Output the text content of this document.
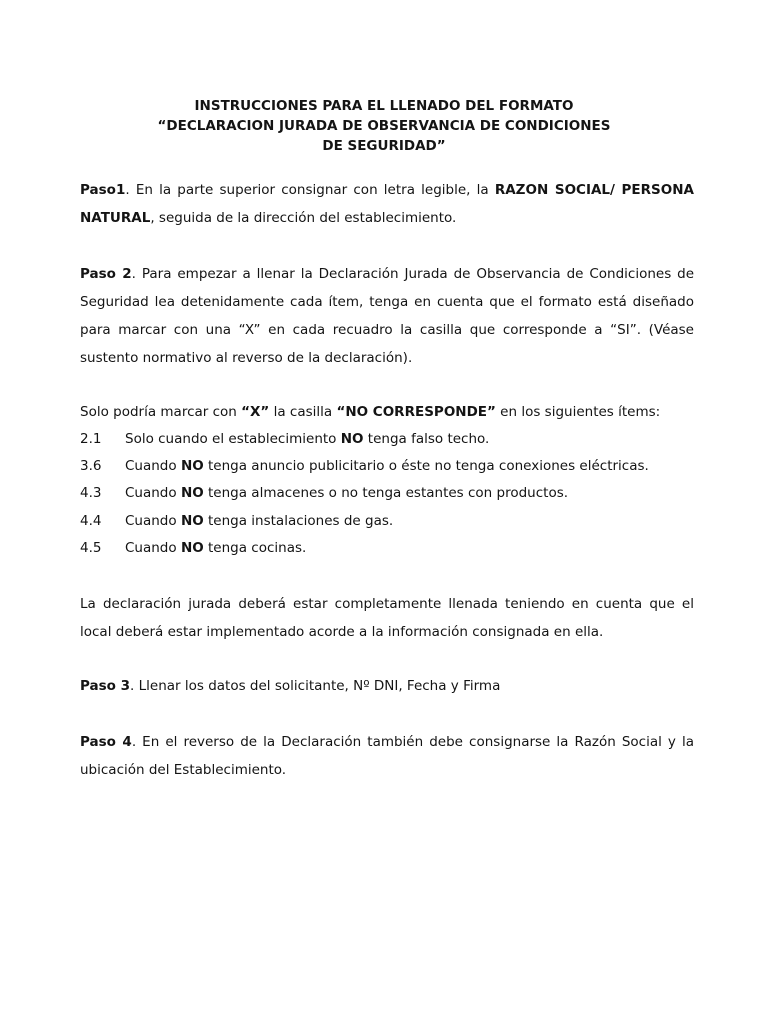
INSTRUCCIONES PARA EL LLENADO DEL FORMATO
“DECLARACION JURADA DE OBSERVANCIA DE CONDICIONES
DE SEGURIDAD”
Paso1. En la parte superior consignar con letra legible, la RAZON SOCIAL/ PERSONA NATURAL, seguida de la dirección del establecimiento.
Paso 2. Para empezar a llenar la Declaración Jurada de Observancia de Condiciones de Seguridad lea detenidamente cada ítem, tenga en cuenta que el formato está diseñado para marcar con una “X” en cada recuadro la casilla que corresponde a “SI”. (Véase sustento normativo al reverso de la declaración).
Solo podría marcar con “X” la casilla “NO CORRESPONDE” en los siguientes ítems:
2.1	Solo cuando el establecimiento NO tenga falso techo.
3.6	Cuando NO tenga anuncio publicitario o éste no tenga conexiones eléctricas.
4.3	Cuando NO tenga almacenes o no tenga estantes con productos.
4.4	Cuando NO tenga instalaciones de gas.
4.5	Cuando NO tenga cocinas.
La declaración jurada deberá estar completamente llenada teniendo en cuenta que el local deberá estar implementado acorde a la información consignada en ella.
Paso 3. Llenar los datos del solicitante, Nº DNI, Fecha y Firma
Paso 4. En el reverso de la Declaración también debe consignarse la Razón Social y la ubicación del Establecimiento.
